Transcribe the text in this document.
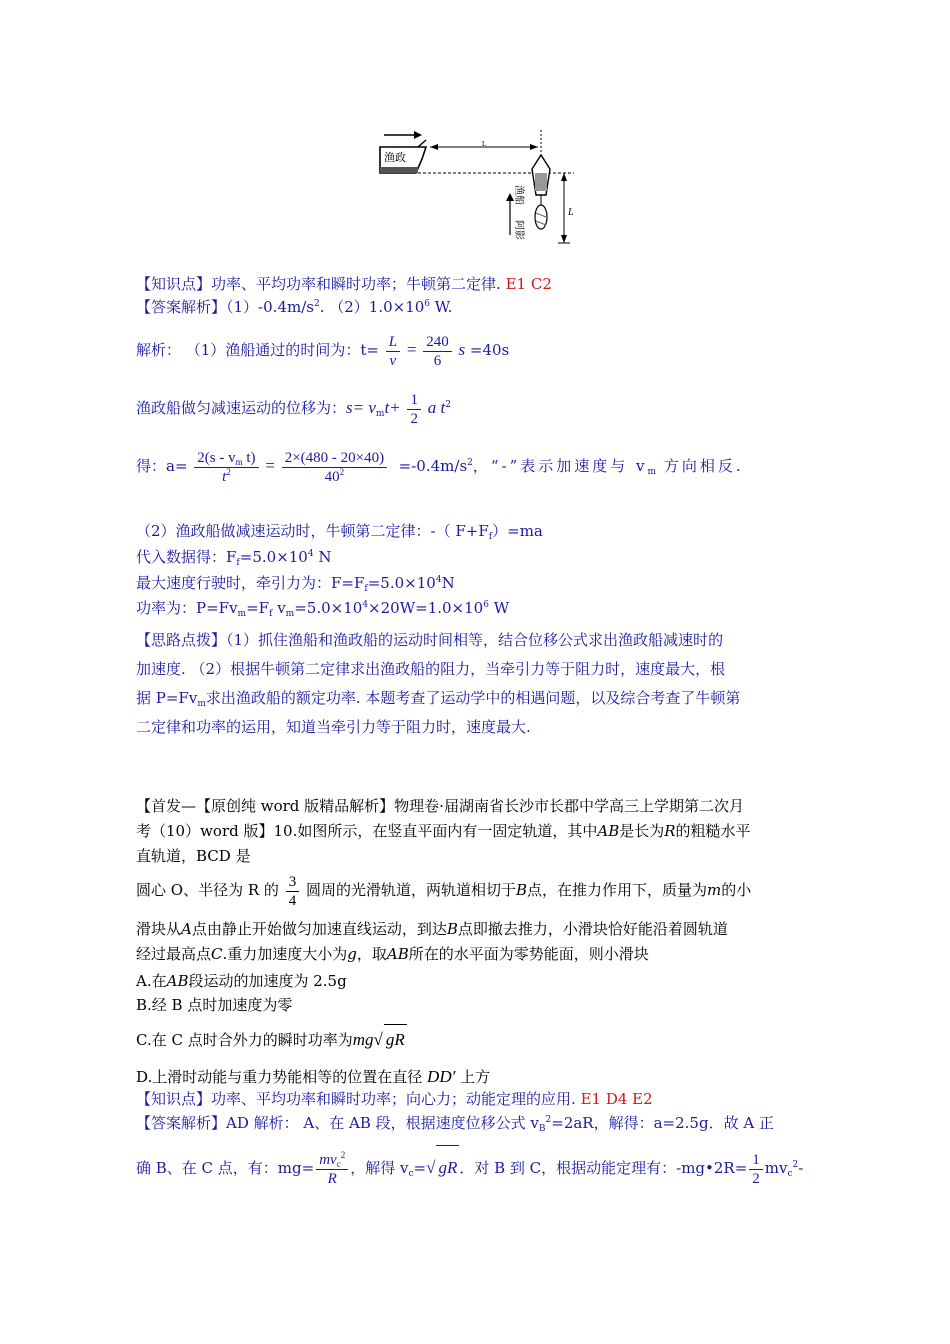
渔政
L
渔船
阿影
L
【知识点】功率、平均功率和瞬时功率；牛顿第二定律. E1 C2
【答案解析】$(1)-0.4m/s^2$. $(2)1.0\times 10^6$ W.
解析： （1）渔船通过的时间为：$t= \frac{L}{v} = \frac{240}{6}$ s =40s
渔政船做匀减速运动的位移为：$s= v_mt+ \frac{1}{2}$ a $t^2$
得：$a= \frac{2(s - v_m t)}{t^2} = \frac{2\times(480 - 20\times 40)}{40^2} =-0.4m/s^2$，“-”表示加速度与 $v_m$ 方向相反.
（2）渔政船做减速运动时，牛顿第二定律：-（ $F+F_f)=ma$
代入数据得：$F_f=5.0\times 10^4$ N
最大速度行驶时，牵引力为：$F=F_f=5.0\times 10^4N$
功率为：$P=Fv_m=F_f$ $v_m=5.0\times 10^4\times 20W=1.0\times 10^6$ W
【思路点拨】（1）抓住渔船和渔政船的运动时间相等，结合位移公式求出渔政船减速时的
加速度. （2）根据牛顿第二定律求出渔政船的阻力，当牵引力等于阻力时，速度最大，根
据 $P=Fv_m$求出渔政船的额定功率. 本题考查了运动学中的相遇问题，以及综合考查了牛顿第
二定律和功率的运用，知道当牵引力等于阻力时，速度最大.
【首发—【原创纯 word 版精品解析】物理卷·届湖南省长沙市长郡中学高三上学期第二次月
考（10）word 版】10.如图所示，在竖直平面内有一固定轨道，其中AB是长为R的粗糙水平
直轨道，BCD 是
圆心 O、半径为 R 的 $\frac{3}{4}$ 圆周的光滑轨道，两轨道相切于B点，在推力作用下，质量为m的小
滑块从A点由静止开始做匀加速直线运动，到达B点即撤去推力，小滑块恰好能沿着圆轨道
经过最高点C.重力加速度大小为g，取AB所在的水平面为零势能面，则小滑块
A.在AB段运动的加速度为 2.5g
B.经 B 点时加速度为零
C.在 C 点时合外力的瞬时功率为mg√ gR
D.上滑时动能与重力势能相等的位置在直径 DD′ 上方
【知识点】功率、平均功率和瞬时功率；向心力；动能定理的应用. E1 D4 E2
【答案解析】AD 解析： A、在 AB 段，根据速度位移公式 $v_B^2=2aR$，解得：a=2.5g．故 A 正
确 B、在 C 点，有：$mg= \frac{mv_c^2}{R}$ ，解得 $v_c=√$ gR ．对 B 到 C，根据动能定理有：-mg•2R= $\frac{1}{2} mv_c^2-$
